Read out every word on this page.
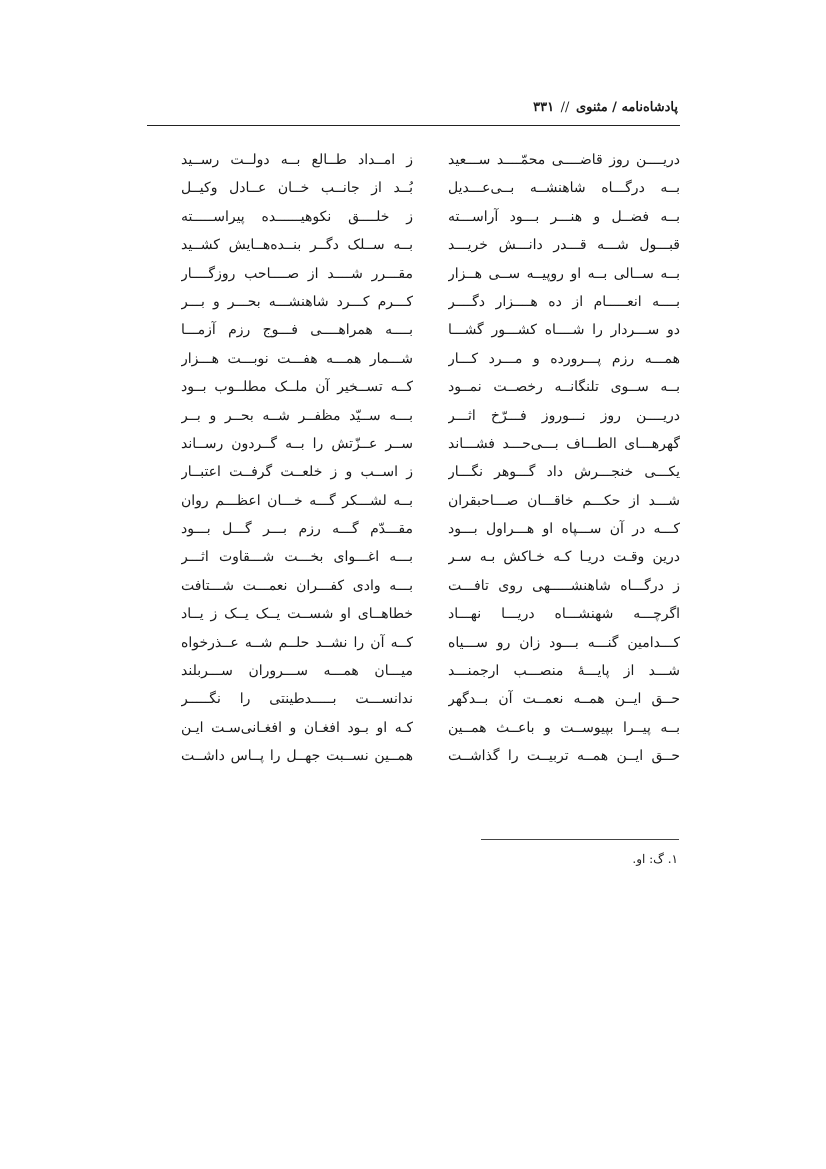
پادشاه‌نامه / مثنوی // ۳۳۱
دریــــن روز قاضــــی محمّــــد ســـعید
ز امــداد طــالع بــه دولــت رســید
بــه درگـــاه شاهنشــه بــی‌عـــدیل
بُــد از جانــب خــان عــادل وکیــل
بــه فضــل و هنـــر بـــود آراســـته
ز خلــــق نکوهیــــــده پیراســـــته
قبـــول شـــه قـــدر دانـــش خریـــد
بــه ســلک دگــر بنــده‌هــایش کشــید
بــه ســالی بــه او روپیــه ســی هــزار
مقـــرر شــــد از صــــاحب روزگــــار
بــــه انعـــــام از ده هــــزار دگــــر
کـــرم کـــرد شاهنشـــه بحـــر و بـــر
دو ســـردار را شــــاه کشـــور گشـــا
بــــه همراهــــی فـــوج رزم آزمـــا
همـــه رزم پـــرورده و مـــرد کـــار
شـــمار همـــه هفـــت نوبـــت هـــزار
بــه ســوی تلنگانــه رخصــت نمــود
کــه تســخیر آن ملــک مطلــوب بــود
دریــــن روز نـــوروز فـــرّخ اثـــر
بـــه ســیّد مظفــر شــه بحــر و بــر
گهرهـــای الطـــاف بـــی‌حـــد فشـــاند
ســر عــزّتش را بــه گــردون رســاند
یکـــی خنجـــرش داد گـــوهر نگـــار
ز اســب و ز خلعــت گرفــت اعتبــار
شـــد از حکـــم خاقـــان صـــاحبقران
بــه لشـــکر گـــه خـــان اعظـــم روان
کـــه در آن ســـپاه او هـــراول بـــود
مقـــدّم گـــه رزم بـــر گـــل بـــود
درین وقـت دریـا کـه خـاکش بـه سـر
بـــه اغـــوای بخـــت شـــقاوت اثـــر
ز درگـــاه شاهنشـــــهی روی تافـــت
بـــه وادی کفـــران نعمـــت شـــتافت
اگرچـــه شهنشـــاه دریـــا نهـــاد
خطاهــای او شســت یــک یــک ز یــاد
کـــدامین گنـــه بـــود زان رو ســـیاه
کــه آن را نشــد حلــم شــه عــذرخواه
شـــد از پایـــهٔ منصـــب ارجمنـــد
میـــان همـــه ســـروران ســـربلند
حــق ایــن همــه نعمــت آن بــدگهر
ندانســـت بـــــدطینتی را نگـــــر
بــه پیــرا بپیوســت و باعــث همــین
کـه او بـود افغـان و افغـانی‌سـت ایـن
حــق ایــن همــه تربیــت را گذاشــت
همــین نســبت جهــل را پــاس داشــت
۱. گ: او.
